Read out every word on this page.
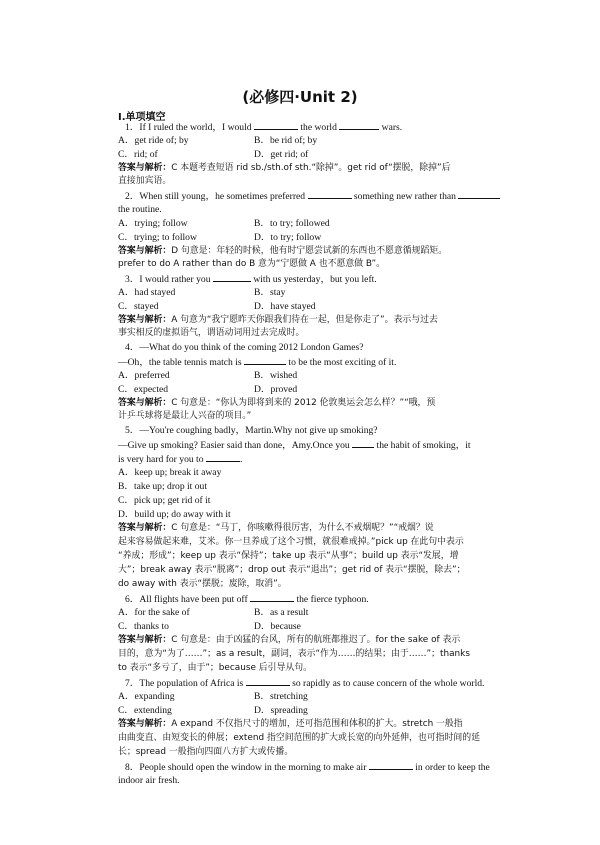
(必修四·Unit 2)
Ⅰ.单项填空
1．If I ruled the world，I would	the world	wars.
A．get ride of; by	B．be rid of; by
C．rid; of	D．get rid; of
答案与解析：C 本题考查短语 rid sb./sth.of sth.“除掉”。get rid of“摆脱，除掉”后
直接加宾语。
2．When still young，he sometimes preferred	something new rather than
the routine.
A．trying; follow	B．to try; followed
C．trying; to follow	D．to try; follow
答案与解析：D 句意是：年轻的时候，他有时宁愿尝试新的东西也不愿意循规蹈矩。
prefer to do A rather than do B 意为“宁愿做 A 也不愿意做 B”。
3．I would rather you	with us yesterday，but you left.
A．had stayed	B．stay
C．stayed	D．have stayed
答案与解析：A 句意为“我宁愿昨天你跟我们待在一起，但是你走了”。表示与过去
事实相反的虚拟语气，谓语动词用过去完成时。
4．—What do you think of the coming 2012 London Games?
—Oh，the table tennis match is	to be the most exciting of it.
A．preferred	B．wished
C．expected	D．proved
答案与解析：C 句意是：“你认为即将到来的 2012 伦敦奥运会怎么样？”“哦，预
计乒乓球将是最让人兴奋的项目。”
5．—You're coughing badly，Martin.Why not give up smoking?
—Give up smoking? Easier said than done，Amy.Once you  the habit of smoking，it
is very hard for you to	.
A．keep up; break it away
B．take up; drop it out
C．pick up; get rid of it
D．build up; do away with it
答案与解析：C 句意是：“马丁，你咳嗽得很厉害，为什么不戒烟呢？”“戒烟？说
起来容易做起来难，艾米。你一旦养成了这个习惯，就很难戒掉。”pick up 在此句中表示
“养成；形成”；keep up 表示“保持”；take up 表示“从事”；build up 表示“发展，增
大”；break away 表示“脱离”；drop out 表示“退出”；get rid of 表示“摆脱，除去”；
do away with 表示“摆脱；废除，取消”。
6．All flights have been put off	the fierce typhoon.
A．for the sake of	B．as a result
C．thanks to	D．because
答案与解析：C 句意是：由于凶猛的台风，所有的航班都推迟了。for the sake of 表示
目的，意为“为了……”；as a result，副词，表示“作为……的结果；由于……”；thanks
to 表示“多亏了，由于”；because 后引导从句。
7．The population of Africa is	so rapidly as to cause concern of the whole world.
A．expanding	B．stretching
C．extending	D．spreading
答案与解析：A expand 不仅指尺寸的增加，还可指范围和体积的扩大。stretch 一般指
由曲变直、由短变长的伸展；extend 指空间范围的扩大或长宽的向外延伸，也可指时间的延
长；spread 一般指向四面八方扩大或传播。
8．People should open the window in the morning to make air	in order to keep the
indoor air fresh.
